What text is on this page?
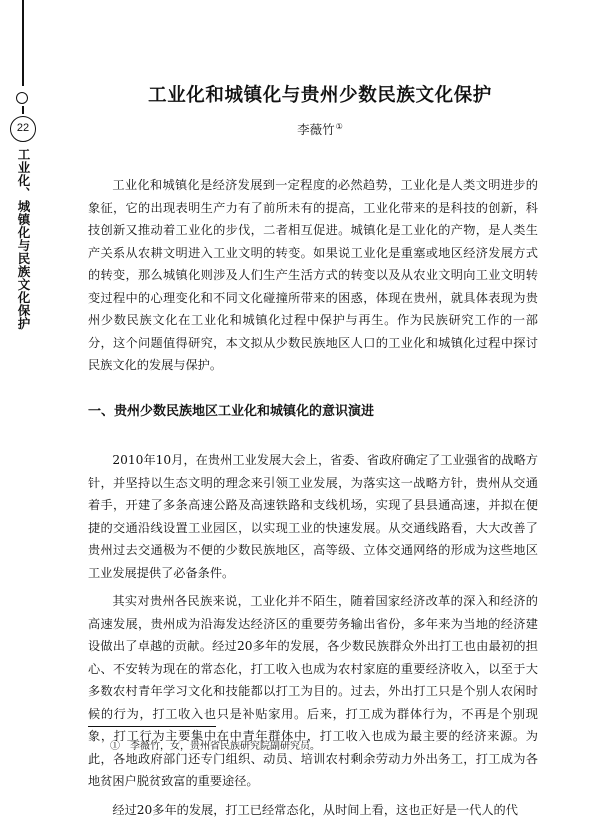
22
工业化、城镇化与民族文化保护
工业化和城镇化与贵州少数民族文化保护

李薇竹①

工业化和城镇化是经济发展到一定程度的必然趋势，工业化是人类文明进步的象征，它的出现表明生产力有了前所未有的提高，工业化带来的是科技的创新，科技创新又推动着工业化的步伐，二者相互促进。城镇化是工业化的产物，是人类生产关系从农耕文明进入工业文明的转变。如果说工业化是重塞或地区经济发展方式的转变，那么城镇化则涉及人们生产生活方式的转变以及从农业文明向工业文明转变过程中的心理变化和不同文化碰撞所带来的困惑，体现在贵州，就具体表现为贵州少数民族文化在工业化和城镇化过程中保护与再生。作为民族研究工作的一部分，这个问题值得研究，本文拟从少数民族地区人口的工业化和城镇化过程中探讨民族文化的发展与保护。

一、贵州少数民族地区工业化和城镇化的意识演进

2010年10月，在贵州工业发展大会上，省委、省政府确定了工业强省的战略方针，并坚持以生态文明的理念来引领工业发展，为落实这一战略方针，贵州从交通着手，开建了多条高速公路及高速铁路和支线机场，实现了县县通高速，并拟在便捷的交通沿线设置工业园区，以实现工业的快速发展。从交通线路看，大大改善了贵州过去交通极为不便的少数民族地区，高等级、立体交通网络的形成为这些地区工业发展提供了必备条件。

其实对贵州各民族来说，工业化并不陌生，随着国家经济改革的深入和经济的高速发展，贵州成为沿海发达经济区的重要劳务输出省份，多年来为当地的经济建设做出了卓越的贡献。经过20多年的发展，各少数民族群众外出打工也由最初的担心、不安转为现在的常态化，打工收入也成为农村家庭的重要经济收入，以至于大多数农村青年学习文化和技能都以打工为目的。过去，外出打工只是个别人农闲时候的行为，打工收入也只是补贴家用。后来，打工成为群体行为，不再是个别现象，打工行为主要集中在中青年群体中，打工收入也成为最主要的经济来源。为此，各地政府部门还专门组织、动员、培训农村剩余劳动力外出务工，打工成为各地贫困户脱贫致富的重要途径。

经过20多年的发展，打工已经常态化，从时间上看，这也正好是一代人的代

①　李薇竹，女，贵州省民族研究院副研究员。
